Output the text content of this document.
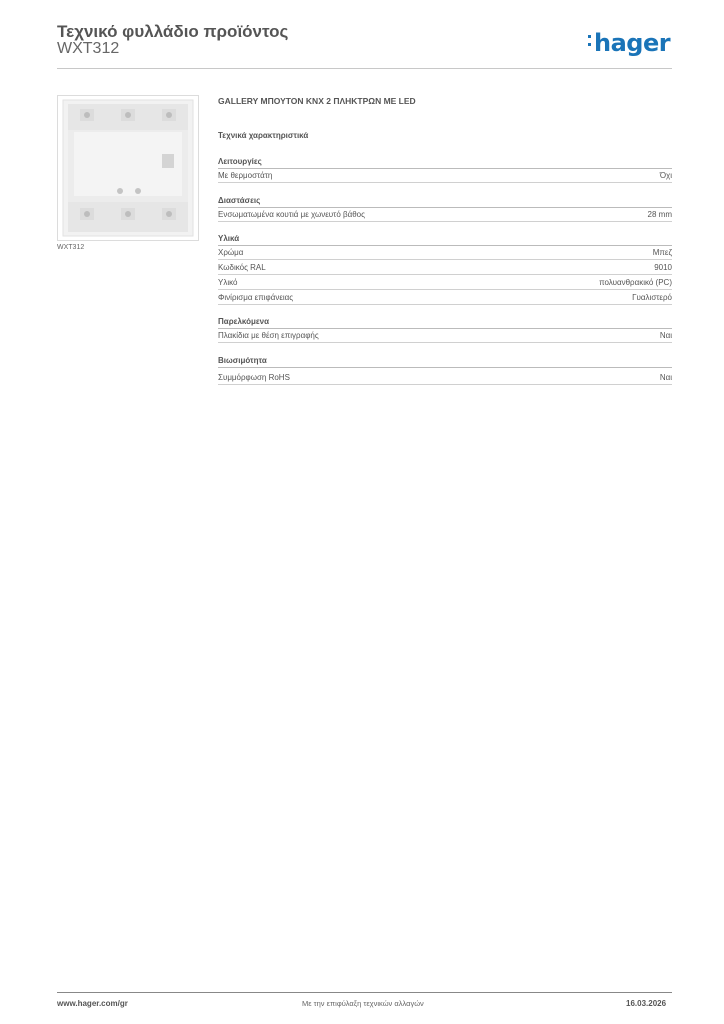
Τεχνικό φυλλάδιο προϊόντος
WXT312	hager
WXT312
GALLERY ΜΠΟΥΤΟΝ KNX 2 ΠΛΗΚΤΡΩΝ ΜΕ LED
Τεχνικά χαρακτηριστικά
Λειτουργίες
Με θερμοστάτη	Όχι
Διαστάσεις
Ενσωματωμένα κουτιά με χωνευτό βάθος	28 mm
Υλικά
Χρώμα	Μπεζ
Κωδικός RAL	9010
Υλικό	πολυανθρακικό (PC)
Φινίρισμα επιφάνειας	Γυαλιστερό
Παρελκόμενα
Πλακίδια με θέση επιγραφής	Ναι
Βιωσιμότητα
Συμμόρφωση RoHS	Ναι
www.hager.com/gr	Με την επιφύλαξη τεχνικών αλλαγών	16.03.2026
